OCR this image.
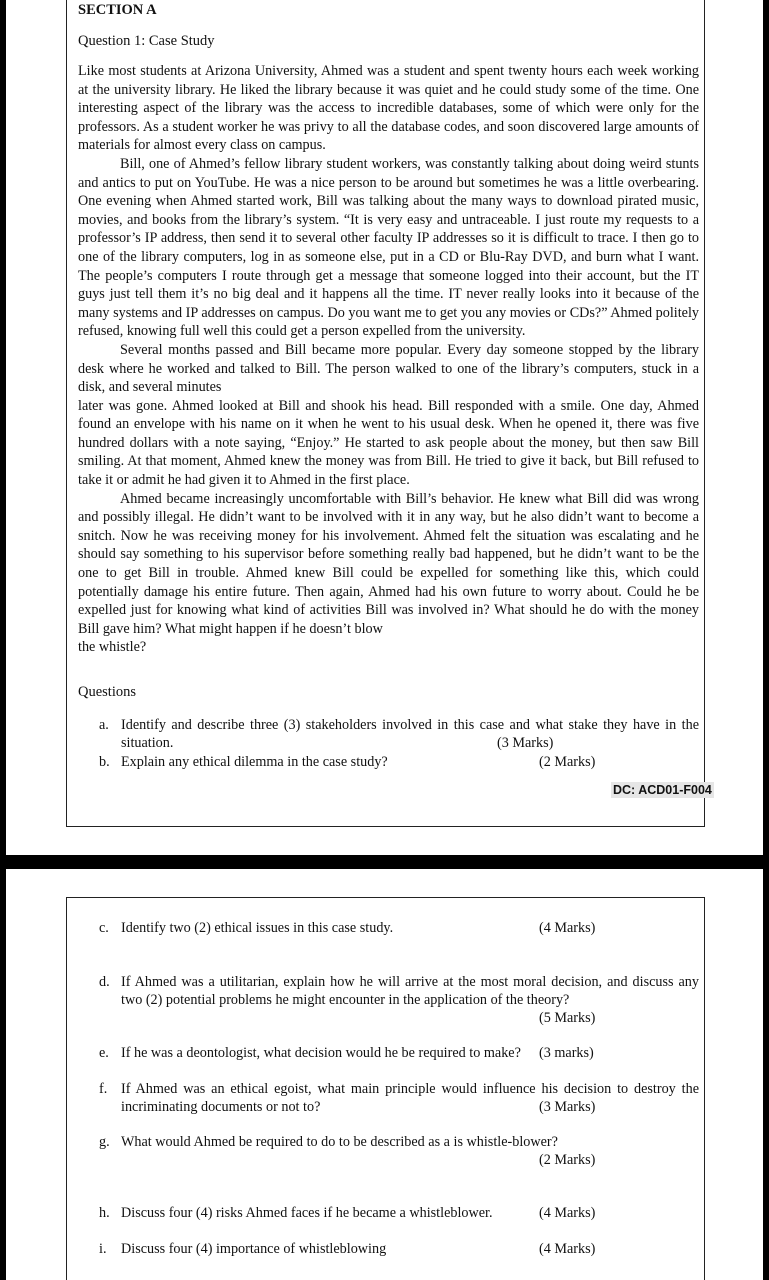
SECTION A
Question 1: Case Study

Like most students at Arizona University, Ahmed was a student and spent twenty hours each week working at the university library. He liked the library because it was quiet and he could study some of the time. One interesting aspect of the library was the access to incredible databases, some of which were only for the professors. As a student worker he was privy to all the database codes, and soon discovered large amounts of materials for almost every class on campus.

Bill, one of Ahmed’s fellow library student workers, was constantly talking about doing weird stunts and antics to put on YouTube. He was a nice person to be around but sometimes he was a little overbearing. One evening when Ahmed started work, Bill was talking about the many ways to download pirated music, movies, and books from the library’s system. “It is very easy and untraceable. I just route my requests to a professor’s IP address, then send it to several other faculty IP addresses so it is difficult to trace. I then go to one of the library computers, log in as someone else, put in a CD or Blu-Ray DVD, and burn what I want. The people’s computers I route through get a message that someone logged into their account, but the IT guys just tell them it’s no big deal and it happens all the time. IT never really looks into it because of the many systems and IP addresses on campus. Do you want me to get you any movies or CDs?” Ahmed politely refused, knowing full well this could get a person expelled from the university.

Several months passed and Bill became more popular. Every day someone stopped by the library desk where he worked and talked to Bill. The person walked to one of the library’s computers, stuck in a disk, and several minutes

later was gone. Ahmed looked at Bill and shook his head. Bill responded with a smile. One day, Ahmed found an envelope with his name on it when he went to his usual desk. When he opened it, there was five hundred dollars with a note saying, “Enjoy.” He started to ask people about the money, but then saw Bill smiling. At that moment, Ahmed knew the money was from Bill. He tried to give it back, but Bill refused to take it or admit he had given it to Ahmed in the first place.

Ahmed became increasingly uncomfortable with Bill’s behavior. He knew what Bill did was wrong and possibly illegal. He didn’t want to be involved with it in any way, but he also didn’t want to become a snitch. Now he was receiving money for his involvement. Ahmed felt the situation was escalating and he should say something to his supervisor before something really bad happened, but he didn’t want to be the one to get Bill in trouble. Ahmed knew Bill could be expelled for something like this, which could potentially damage his entire future. Then again, Ahmed had his own future to worry about. Could he be expelled just for knowing what kind of activities Bill was involved in? What should he do with the money Bill gave him? What might happen if he doesn’t blow

the whistle?

Questions
a. Identify and describe three (3) stakeholders involved in this case and what stake they have in the situation.	(3 Marks)
b. Explain any ethical dilemma in the case study?	(2 Marks)
DC: ACD01-F004
c. Identify two (2) ethical issues in this case study.	(4 Marks)
d. If Ahmed was a utilitarian, explain how he will arrive at the most moral decision, and discuss any two (2) potential problems he might encounter in the application of the theory?
(5 Marks)
e. If he was a deontologist, what decision would he be required to make?	(3 marks)
f. If Ahmed was an ethical egoist, what main principle would influence his decision to destroy the incriminating documents or not to?	(3 Marks)
g. What would Ahmed be required to do to be described as a is whistle-blower?
(2 Marks)
h. Discuss four (4) risks Ahmed faces if he became a whistleblower.	(4 Marks)
i.	Discuss four (4) importance of whistleblowing	(4 Marks)
